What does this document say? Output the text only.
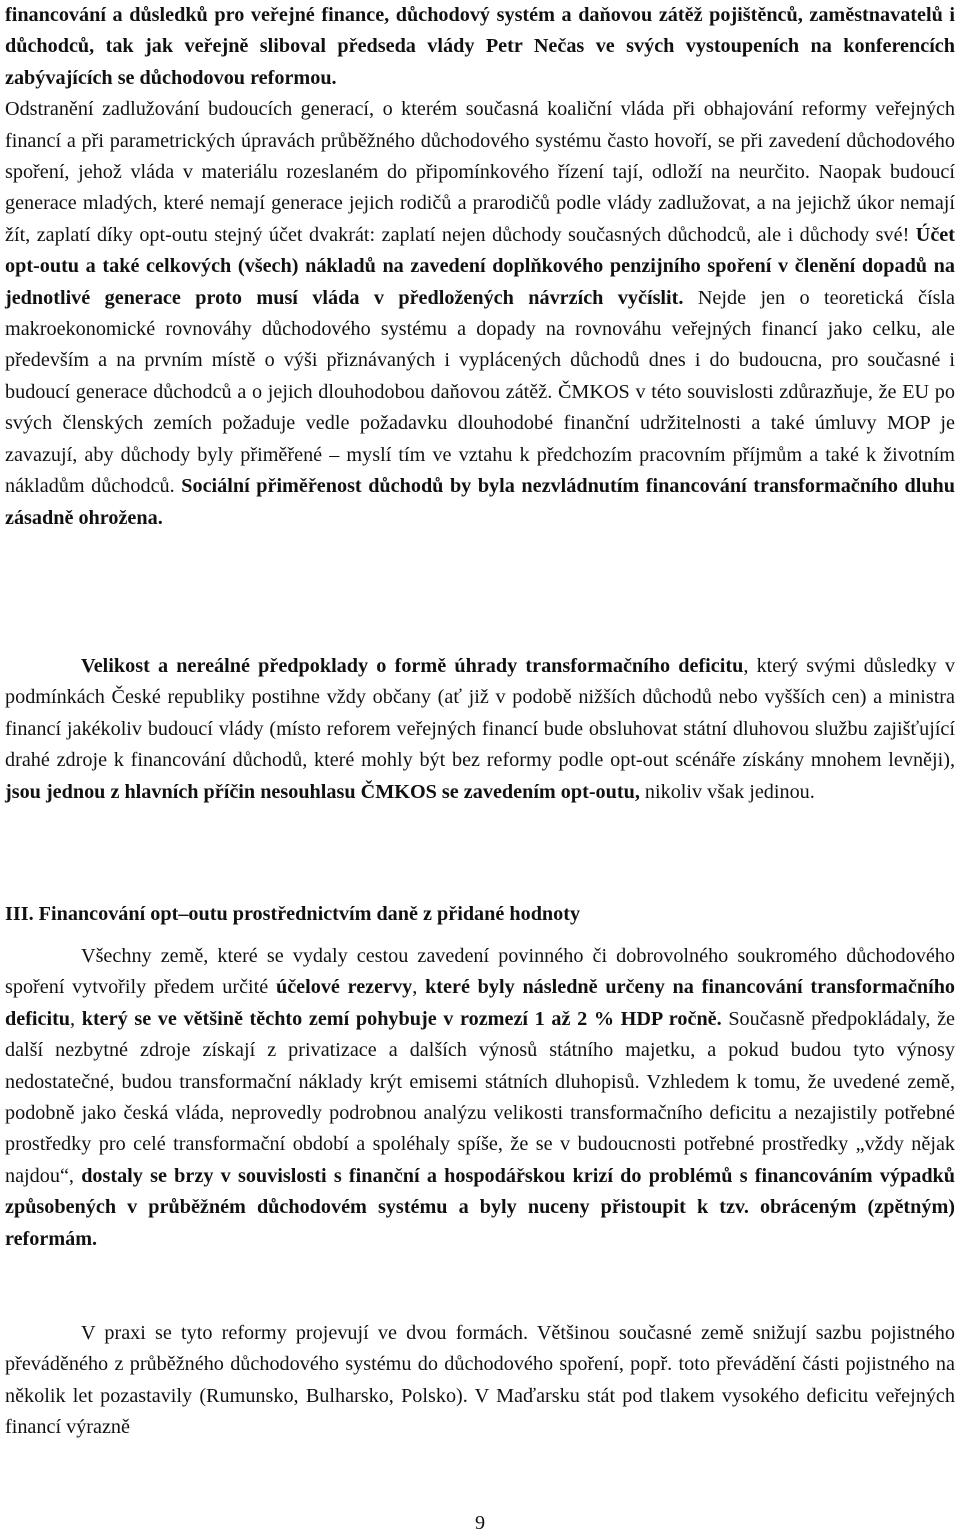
financování a důsledků pro veřejné finance, důchodový systém a daňovou zátěž pojištěnců, zaměstnavatelů i důchodců, tak jak veřejně sliboval předseda vlády Petr Nečas ve svých vystoupeních na konferencích zabývajících se důchodovou reformou.
Odstranění zadlužování budoucích generací, o kterém současná koaliční vláda při obhajování reformy veřejných financí a při parametrických úpravách průběžného důchodového systému často hovoří, se při zavedení důchodového spoření, jehož vláda v materiálu rozeslaném do připomínkového řízení tají, odloží na neurčito. Naopak budoucí generace mladých, které nemají generace jejich rodičů a prarodičů podle vlády zadlužovat, a na jejichž úkor nemají žít, zaplatí díky opt-outu stejný účet dvakrát: zaplatí nejen důchody současných důchodců, ale i důchody své! Účet opt-outu a také celkových (všech) nákladů na zavedení doplňkového penzijního spoření v členění dopadů na jednotlivé generace proto musí vláda v předložených návrzích vyčíslit. Nejde jen o teoretická čísla makroekonomické rovnováhy důchodového systému a dopady na rovnováhu veřejných financí jako celku, ale především a na prvním místě o výši přiznávaných i vyplácených důchodů dnes i do budoucna, pro současné i budoucí generace důchodců a o jejich dlouhodobou daňovou zátěž. ČMKOS v této souvislosti zdůrazňuje, že EU po svých členských zemích požaduje vedle požadavku dlouhodobé finanční udržitelnosti a také úmluvy MOP je zavazují, aby důchody byly přiměřené – myslí tím ve vztahu k předchozím pracovním příjmům a také k životním nákladům důchodců. Sociální přiměřenost důchodů by byla nezvládnutím financování transformačního dluhu zásadně ohrožena.

Velikost a nereálné předpoklady o formě úhrady transformačního deficitu, který svými důsledky v podmínkách České republiky postihne vždy občany (ať již v podobě nižších důchodů nebo vyšších cen) a ministra financí jakékoliv budoucí vlády (místo reforem veřejných financí bude obsluhovat státní dluhovou službu zajišťující drahé zdroje k financování důchodů, které mohly být bez reformy podle opt-out scénáře získány mnohem levněji), jsou jednou z hlavních příčin nesouhlasu ČMKOS se zavedením opt-outu, nikoliv však jedinou.

III. Financování opt–outu prostřednictvím daně z přidané hodnoty

Všechny země, které se vydaly cestou zavedení povinného či dobrovolného soukromého důchodového spoření vytvořily předem určité účelové rezervy, které byly následně určeny na financování transformačního deficitu, který se ve většině těchto zemí pohybuje v rozmezí 1 až 2 % HDP ročně. Současně předpokládaly, že další nezbytné zdroje získají z privatizace a dalších výnosů státního majetku, a pokud budou tyto výnosy nedostatečné, budou transformační náklady krýt emisemi státních dluhopisů. Vzhledem k tomu, že uvedené země, podobně jako česká vláda, neprovedly podrobnou analýzu velikosti transformačního deficitu a nezajistily potřebné prostředky pro celé transformační období a spoléhaly spíše, že se v budoucnosti potřebné prostředky „vždy nějak najdou“, dostaly se brzy v souvislosti s finanční a hospodářskou krizí do problémů s financováním výpadků způsobených v průběžném důchodovém systému a byly nuceny přistoupit k tzv. obráceným (zpětným) reformám.

V praxi se tyto reformy projevují ve dvou formách. Většinou současné země snižují sazbu pojistného převáděného z průběžného důchodového systému do důchodového spoření, popř. toto převádění části pojistného na několik let pozastavily (Rumunsko, Bulharsko, Polsko). V Maďarsku stát pod tlakem vysokého deficitu veřejných financí výrazně

9
